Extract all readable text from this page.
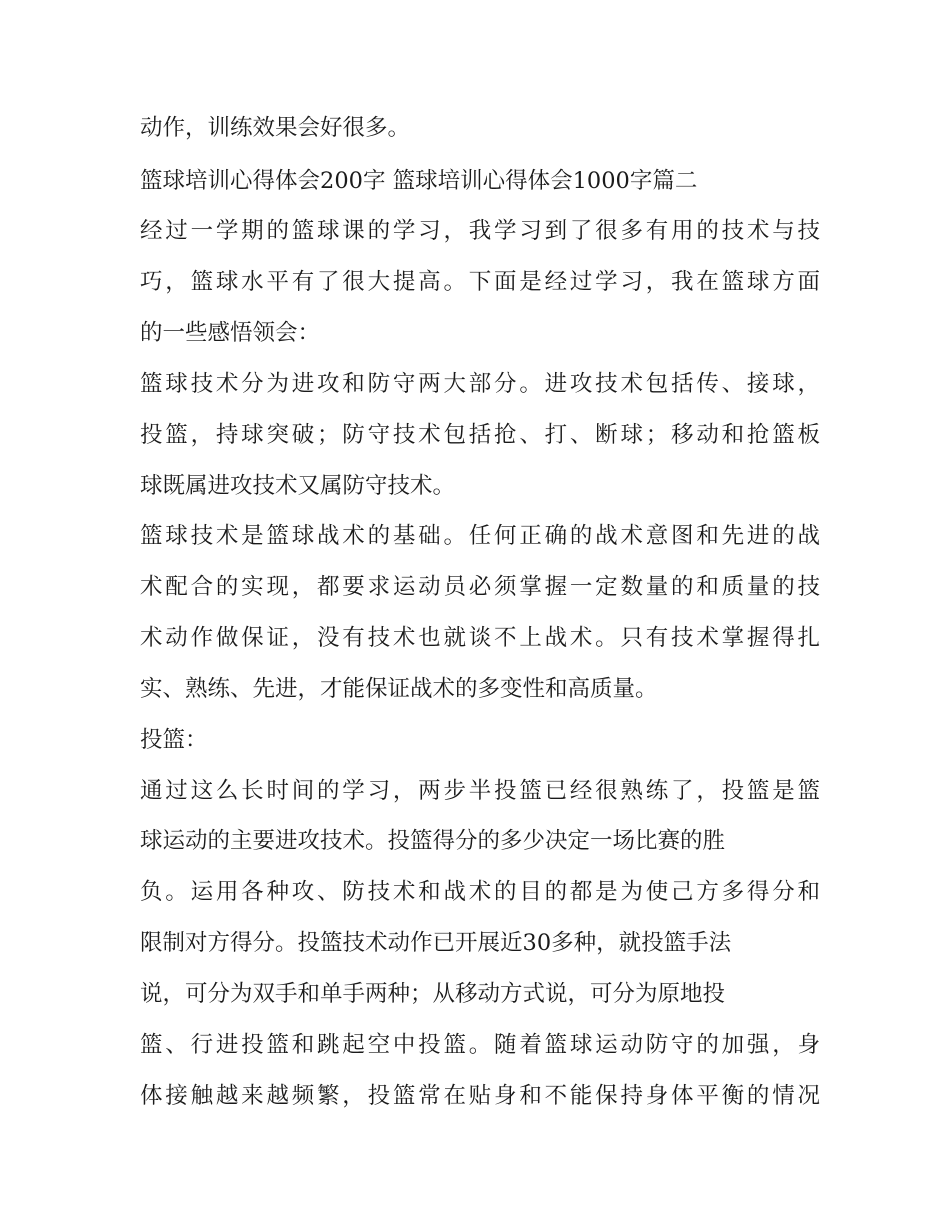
动作，训练效果会好很多。

篮球培训心得体会200字 篮球培训心得体会1000字篇二

经过一学期的篮球课的学习，我学习到了很多有用的技术与技

巧，篮球水平有了很大提高。下面是经过学习，我在篮球方面

的一些感悟领会：

篮球技术分为进攻和防守两大部分。进攻技术包括传、接球，

投篮，持球突破；防守技术包括抢、打、断球；移动和抢篮板

球既属进攻技术又属防守技术。

篮球技术是篮球战术的基础。任何正确的战术意图和先进的战

术配合的实现，都要求运动员必须掌握一定数量的和质量的技

术动作做保证，没有技术也就谈不上战术。只有技术掌握得扎

实、熟练、先进，才能保证战术的多变性和高质量。

投篮：

通过这么长时间的学习，两步半投篮已经很熟练了，投篮是篮

球运动的主要进攻技术。投篮得分的多少决定一场比赛的胜

负。运用各种攻、防技术和战术的目的都是为使己方多得分和

限制对方得分。投篮技术动作已开展近30多种，就投篮手法

说，可分为双手和单手两种；从移动方式说，可分为原地投

篮、行进投篮和跳起空中投篮。随着篮球运动防守的加强，身

体接触越来越频繁，投篮常在贴身和不能保持身体平衡的情况
